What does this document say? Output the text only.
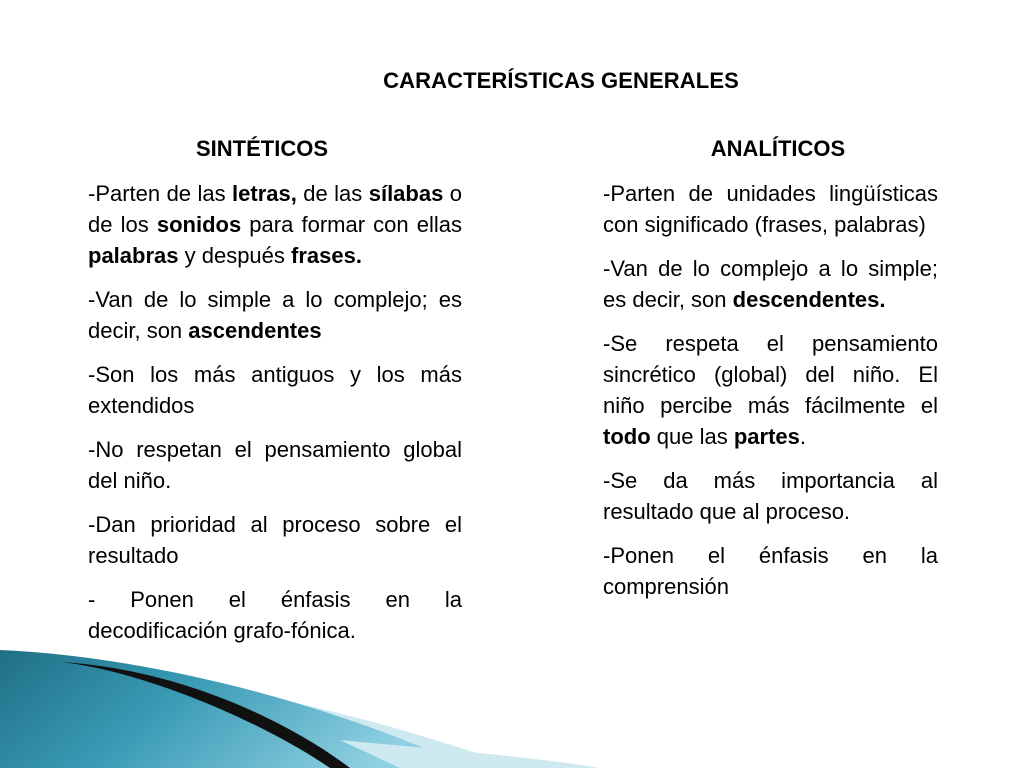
CARACTERÍSTICAS GENERALES
SINTÉTICOS

-Parten de las letras, de las sílabas o de los sonidos para formar con ellas palabras y después frases.

-Van de lo simple a lo complejo; es decir, son ascendentes

-Son los más antiguos y los más extendidos

-No respetan el pensamiento global del niño.

-Dan prioridad al proceso sobre el resultado

- Ponen el énfasis en la decodificación grafo-fónica.

ANALÍTICOS

-Parten de unidades lingüísticas con significado (frases, palabras)

-Van de lo complejo a lo simple; es decir, son descendentes.

-Se respeta el pensamiento sincrético (global) del niño. El niño percibe más fácilmente el todo que las partes.

-Se da más importancia al resultado que al proceso.

-Ponen el énfasis en la comprensión
